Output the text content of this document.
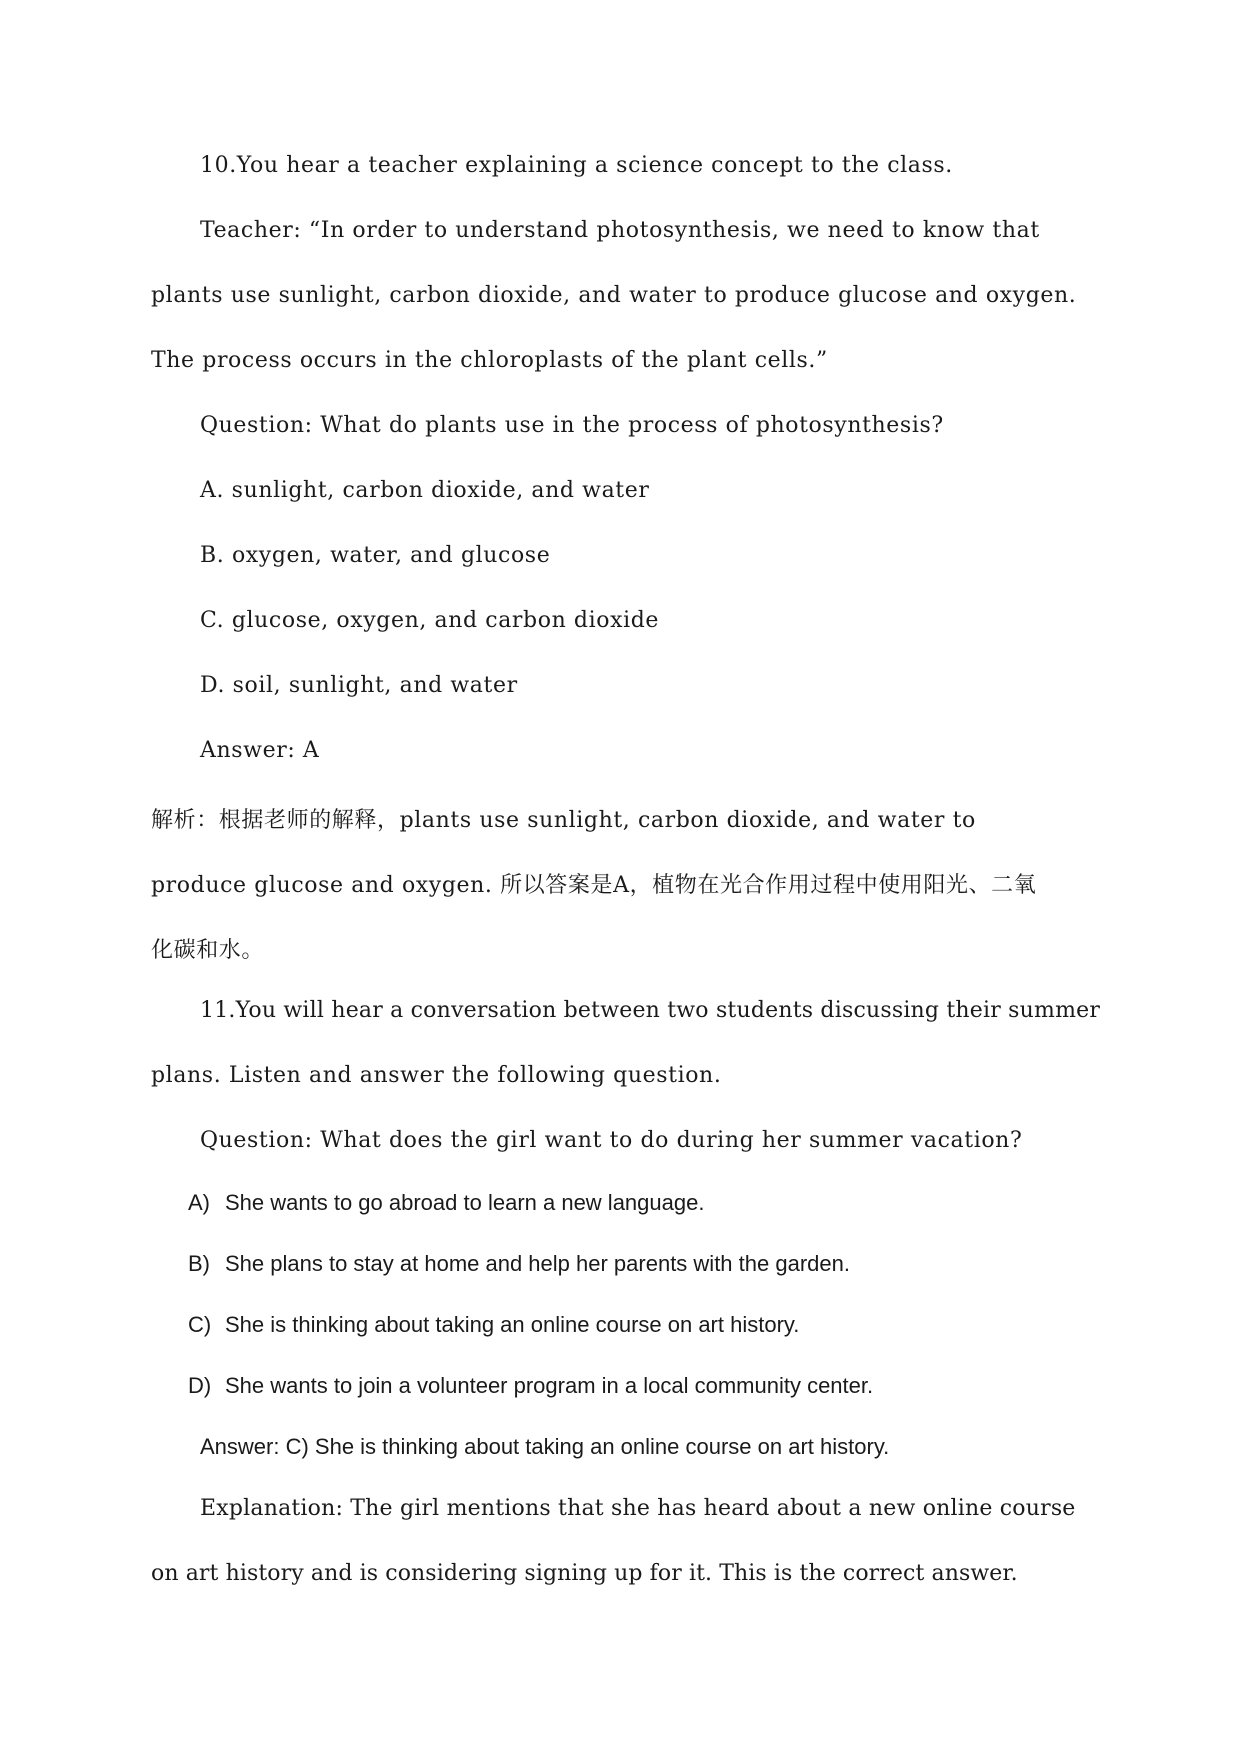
10.You hear a teacher explaining a science concept to the class.
Teacher: “In order to understand photosynthesis, we need to know that
plants use sunlight, carbon dioxide, and water to produce glucose and oxygen.
The process occurs in the chloroplasts of the plant cells.”
Question: What do plants use in the process of photosynthesis?
A. sunlight, carbon dioxide, and water
B. oxygen, water, and glucose
C. glucose, oxygen, and carbon dioxide
D. soil, sunlight, and water
Answer: A
解析：根据老师的解释，plants use sunlight, carbon dioxide, and water to
produce glucose and oxygen. 所以答案是A，植物在光合作用过程中使用阳光、二氧
化碳和水。
11.You will hear a conversation between two students discussing their summer
plans. Listen and answer the following question.
Question: What does the girl want to do during her summer vacation?
A) She wants to go abroad to learn a new language.
B) She plans to stay at home and help her parents with the garden.
C) She is thinking about taking an online course on art history.
D) She wants to join a volunteer program in a local community center.
Answer: C) She is thinking about taking an online course on art history.
Explanation: The girl mentions that she has heard about a new online course
on art history and is considering signing up for it. This is the correct answer.
